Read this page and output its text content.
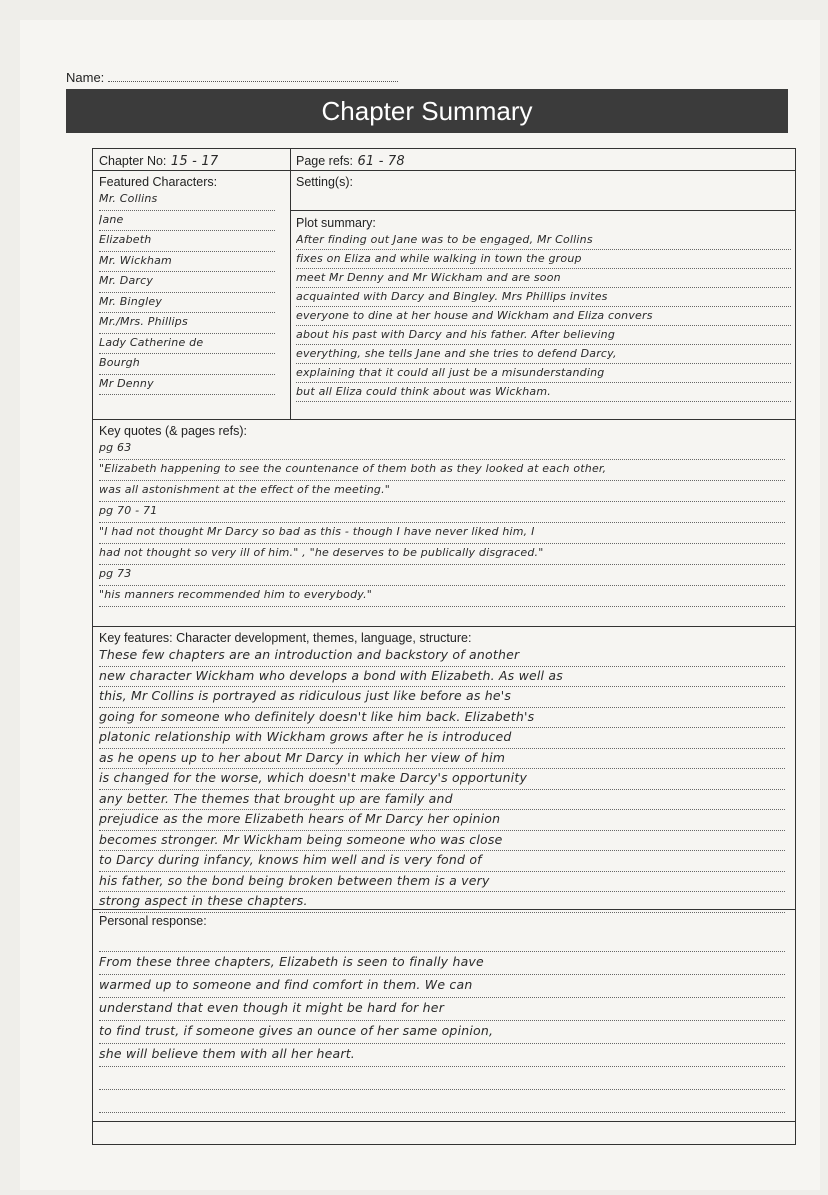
Name:
Chapter Summary
Chapter No: 15 - 17	Page refs: 61 - 78
Featured Characters:
Mr. Collins
Jane
Elizabeth
Mr. Wickham
Mr. Darcy
Mr. Bingley
Mr./Mrs. Phillips
Lady Catherine de
Bourgh
Mr Denny
Setting(s):
Plot summary:
After finding out Jane was to be engaged, Mr Collins
fixes on Eliza and while walking in town the group
meet Mr Denny and Mr Wickham and are soon
acquainted with Darcy and Bingley. Mrs Phillips invites
everyone to dine at her house and Wickham and Eliza convers
about his past with Darcy and his father. After believing
everything, she tells Jane and she tries to defend Darcy,
explaining that it could all just be a misunderstanding
but all Eliza could think about was Wickham.
Key quotes (& pages refs):
pg 63
"Elizabeth happening to see the countenance of them both as they looked at each other,
was all astonishment at the effect of the meeting."
pg 70 - 71
"I had not thought Mr Darcy so bad as this - though I have never liked him, I
had not thought so very ill of him." , "he deserves to be publically disgraced."
pg 73
"his manners recommended him to everybody."
Key features: Character development, themes, language, structure:
These few chapters are an introduction and backstory of another
new character Wickham who develops a bond with Elizabeth. As well as
this, Mr Collins is portrayed as ridiculous just like before as he's
going for someone who definitely doesn't like him back. Elizabeth's
platonic relationship with Wickham grows after he is introduced
as he opens up to her about Mr Darcy in which her view of him
is changed for the worse, which doesn't make Darcy's opportunity
any better. The themes that brought up are family and
prejudice as the more Elizabeth hears of Mr Darcy her opinion
becomes stronger. Mr Wickham being someone who was close
to Darcy during infancy, knows him well and is very fond of
his father, so the bond being broken between them is a very
strong aspect in these chapters.
Personal response:
From these three chapters, Elizabeth is seen to finally have
warmed up to someone and find comfort in them. We can
understand that even though it might be hard for her
to find trust, if someone gives an ounce of her same opinion,
she will believe them with all her heart.
